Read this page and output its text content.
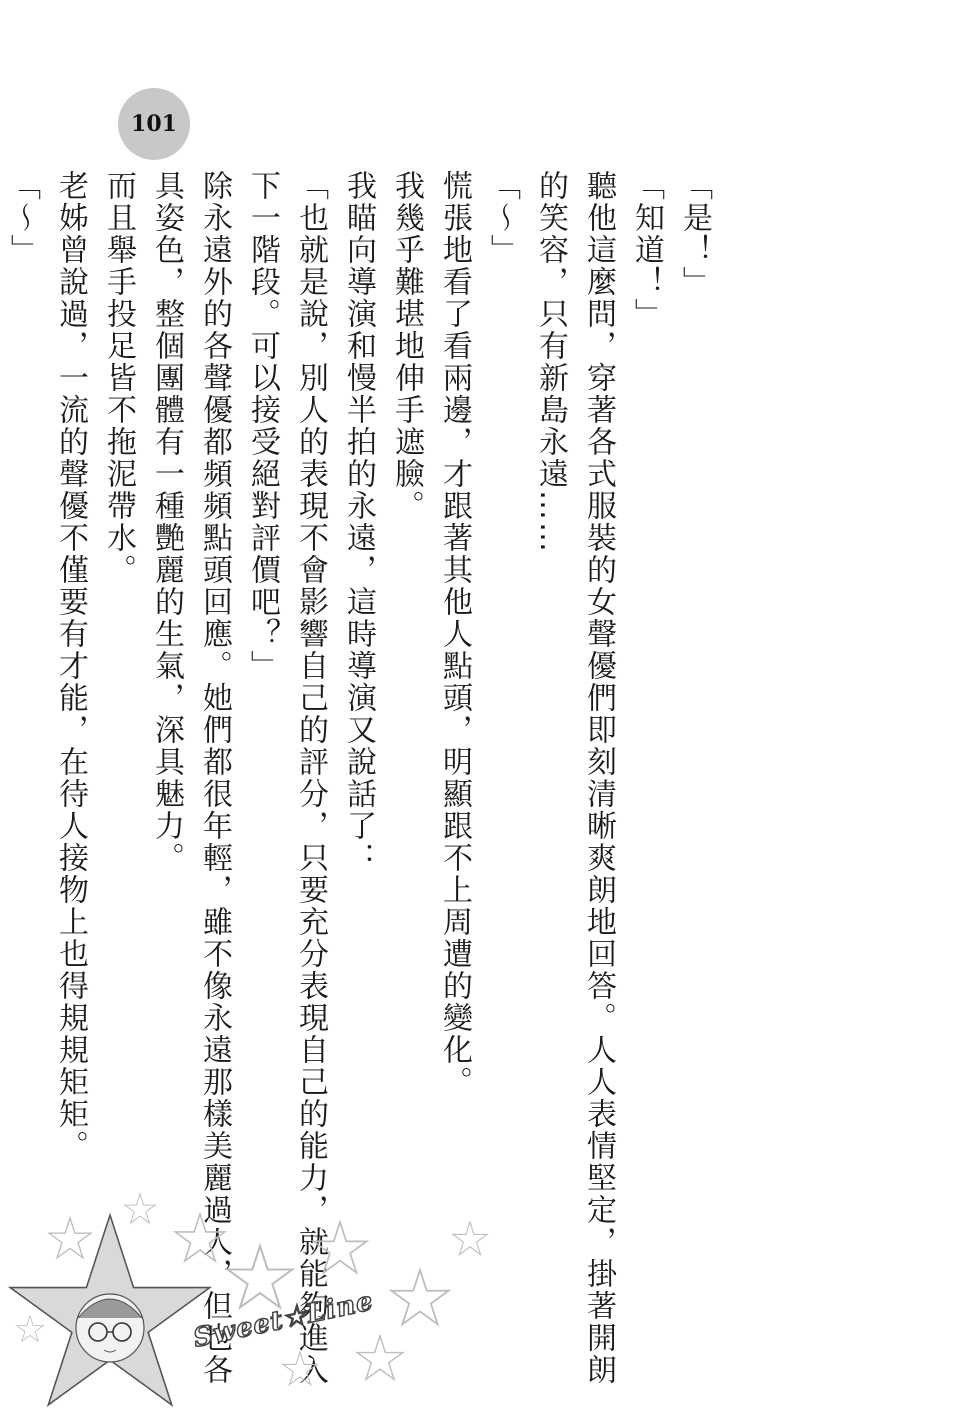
101
「是！」
「知道！」
聽他這麼問，穿著各式服裝的女聲優們即刻清晰爽朗地回答。人人表情堅定，掛著開朗
的笑容，只有新島永遠……
「～」
慌張地看了看兩邊，才跟著其他人點頭，明顯跟不上周遭的變化。
我幾乎難堪地伸手遮臉。
我瞄向導演和慢半拍的永遠，這時導演又說話了：
「也就是說，別人的表現不會影響自己的評分，只要充分表現自己的能力，就能夠進入
下一階段。可以接受絕對評價吧？」
除永遠外的各聲優都頻頻點頭回應。她們都很年輕，雖不像永遠那樣美麗過人，但也各
具姿色，整個團體有一種艷麗的生氣，深具魅力。
而且舉手投足皆不拖泥帶水。
老姊曾說過，一流的聲優不僅要有才能，在待人接物上也得規規矩矩。
「～」
Sweet★Line
